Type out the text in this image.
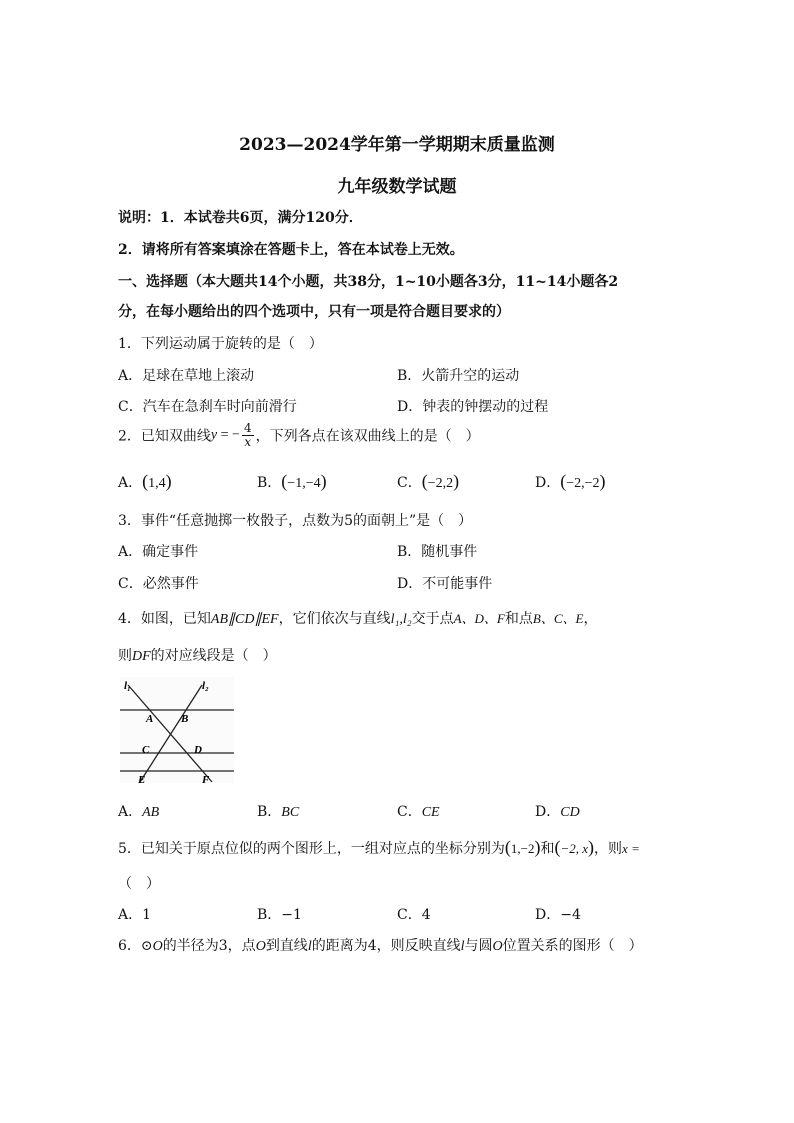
2023—2024学年第一学期期末质量监测
九年级数学试题
说明：1．本试卷共6页，满分120分．
2．请将所有答案填涂在答题卡上，答在本试卷上无效。
一、选择题（本大题共14个小题，共38分，1~10小题各3分，11~14小题各2
分，在每小题给出的四个选项中，只有一项是符合题目要求的）
1．下列运动属于旋转的是（　）
A．足球在草地上滚动	B．火箭升空的运动
C．汽车在急刹车时向前滑行	D．钟表的钟摆动的过程
2．已知双曲线y = − $\frac{4}{x}$ ，下列各点在该双曲线上的是（　）
A．(1,4)	B．(−1,−4)	C．(−2,2)	D．(−2,−2)
3．事件“任意抛掷一枚骰子，点数为5的面朝上”是（　）
A．确定事件	B．随机事件
C．必然事件	D．不可能事件
4．如图，已知AB∥CD∥EF，它们依次与直线l₁,l₂交于点A、D、F和点B、C、E，
则DF的对应线段是（　）
l₁	l₂
A	B
C	D
E	F
A．AB	B．BC	C．CE	D．CD
5．已知关于原点位似的两个图形上，一组对应点的坐标分别为(1,−2)和(−2, x)，则x =
（　）
A．1	B．−1	C．4	D．−4
6．⊙O的半径为3，点O到直线l的距离为4，则反映直线l与圆O位置关系的图形（　）
